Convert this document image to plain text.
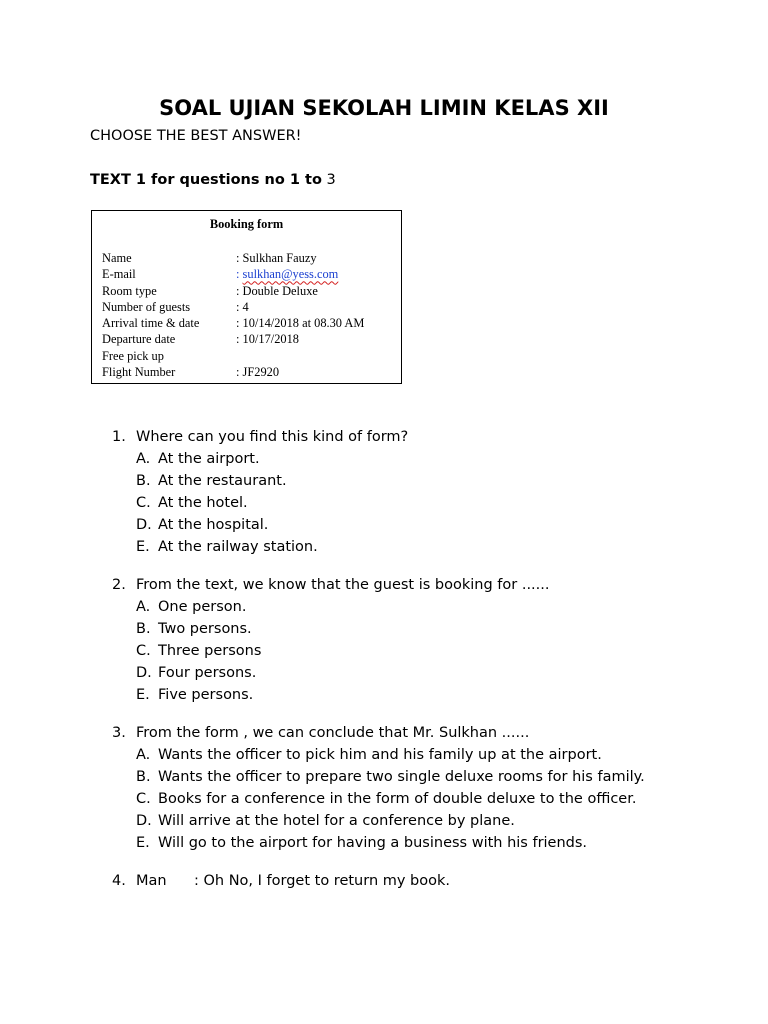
SOAL UJIAN SEKOLAH LIMIN KELAS XII
CHOOSE THE BEST ANSWER!
TEXT 1 for questions no 1 to 3
Booking form
Name	: Sulkhan Fauzy
E-mail	: sulkhan@yess.com
Room type	: Double Deluxe
Number of guests	: 4
Arrival time & date	: 10/14/2018 at 08.30 AM
Departure date	: 10/17/2018
Free pick up
Flight Number	: JF2920
1. Where can you find this kind of form?
A. At the airport.
B. At the restaurant.
C. At the hotel.
D. At the hospital.
E. At the railway station.
2. From the text, we know that the guest is booking for ......
A. One person.
B. Two persons.
C. Three persons
D. Four persons.
E. Five persons.
3. From the form , we can conclude that Mr. Sulkhan ......
A. Wants the officer to pick him and his family up at the airport.
B. Wants the officer to prepare two single deluxe rooms for his family.
C. Books for a conference in the form of double deluxe to the officer.
D. Will arrive at the hotel for a conference by plane.
E. Will go to the airport for having a business with his friends.
4. Man : Oh No, I forget to return my book.
